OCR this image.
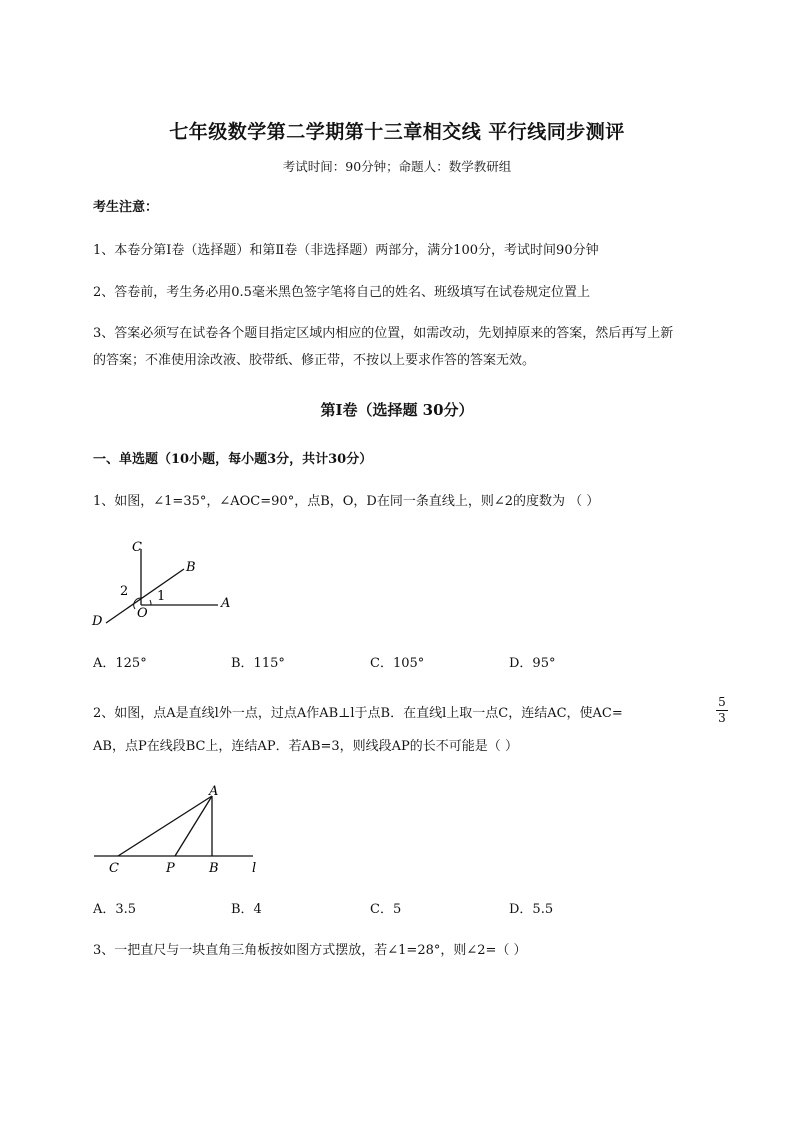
七年级数学第二学期第十三章相交线 平行线同步测评
考试时间：90分钟；命题人：数学教研组
考生注意：
1、本卷分第I卷（选择题）和第Ⅱ卷（非选择题）两部分，满分100分，考试时间90分钟
2、答卷前，考生务必用0.5毫米黑色签字笔将自己的姓名、班级填写在试卷规定位置上
3、答案必须写在试卷各个题目指定区域内相应的位置，如需改动，先划掉原来的答案，然后再写上新
的答案；不准使用涂改液、胶带纸、修正带，不按以上要求作答的答案无效。
第I卷（选择题 30分）
一、单选题（10小题，每小题3分，共计30分）
1、如图，∠1=35°，∠AOC=90°，点B，O，D在同一条直线上，则∠2的度数为 （ ）
C
B
2 1
O
A
D
A．125°	B．115°	C．105°	D．95°
2、如图，点A是直线l外一点，过点A作AB⊥l于点B．在直线l上取一点C，连结AC，使AC=
5
3
AB，点P在线段BC上，连结AP．若AB=3，则线段AP的长不可能是（ ）
A
C	P	B	l
A．3.5	B．4	C．5	D．5.5
3、一把直尺与一块直角三角板按如图方式摆放，若∠1=28°，则∠2=（ ）
